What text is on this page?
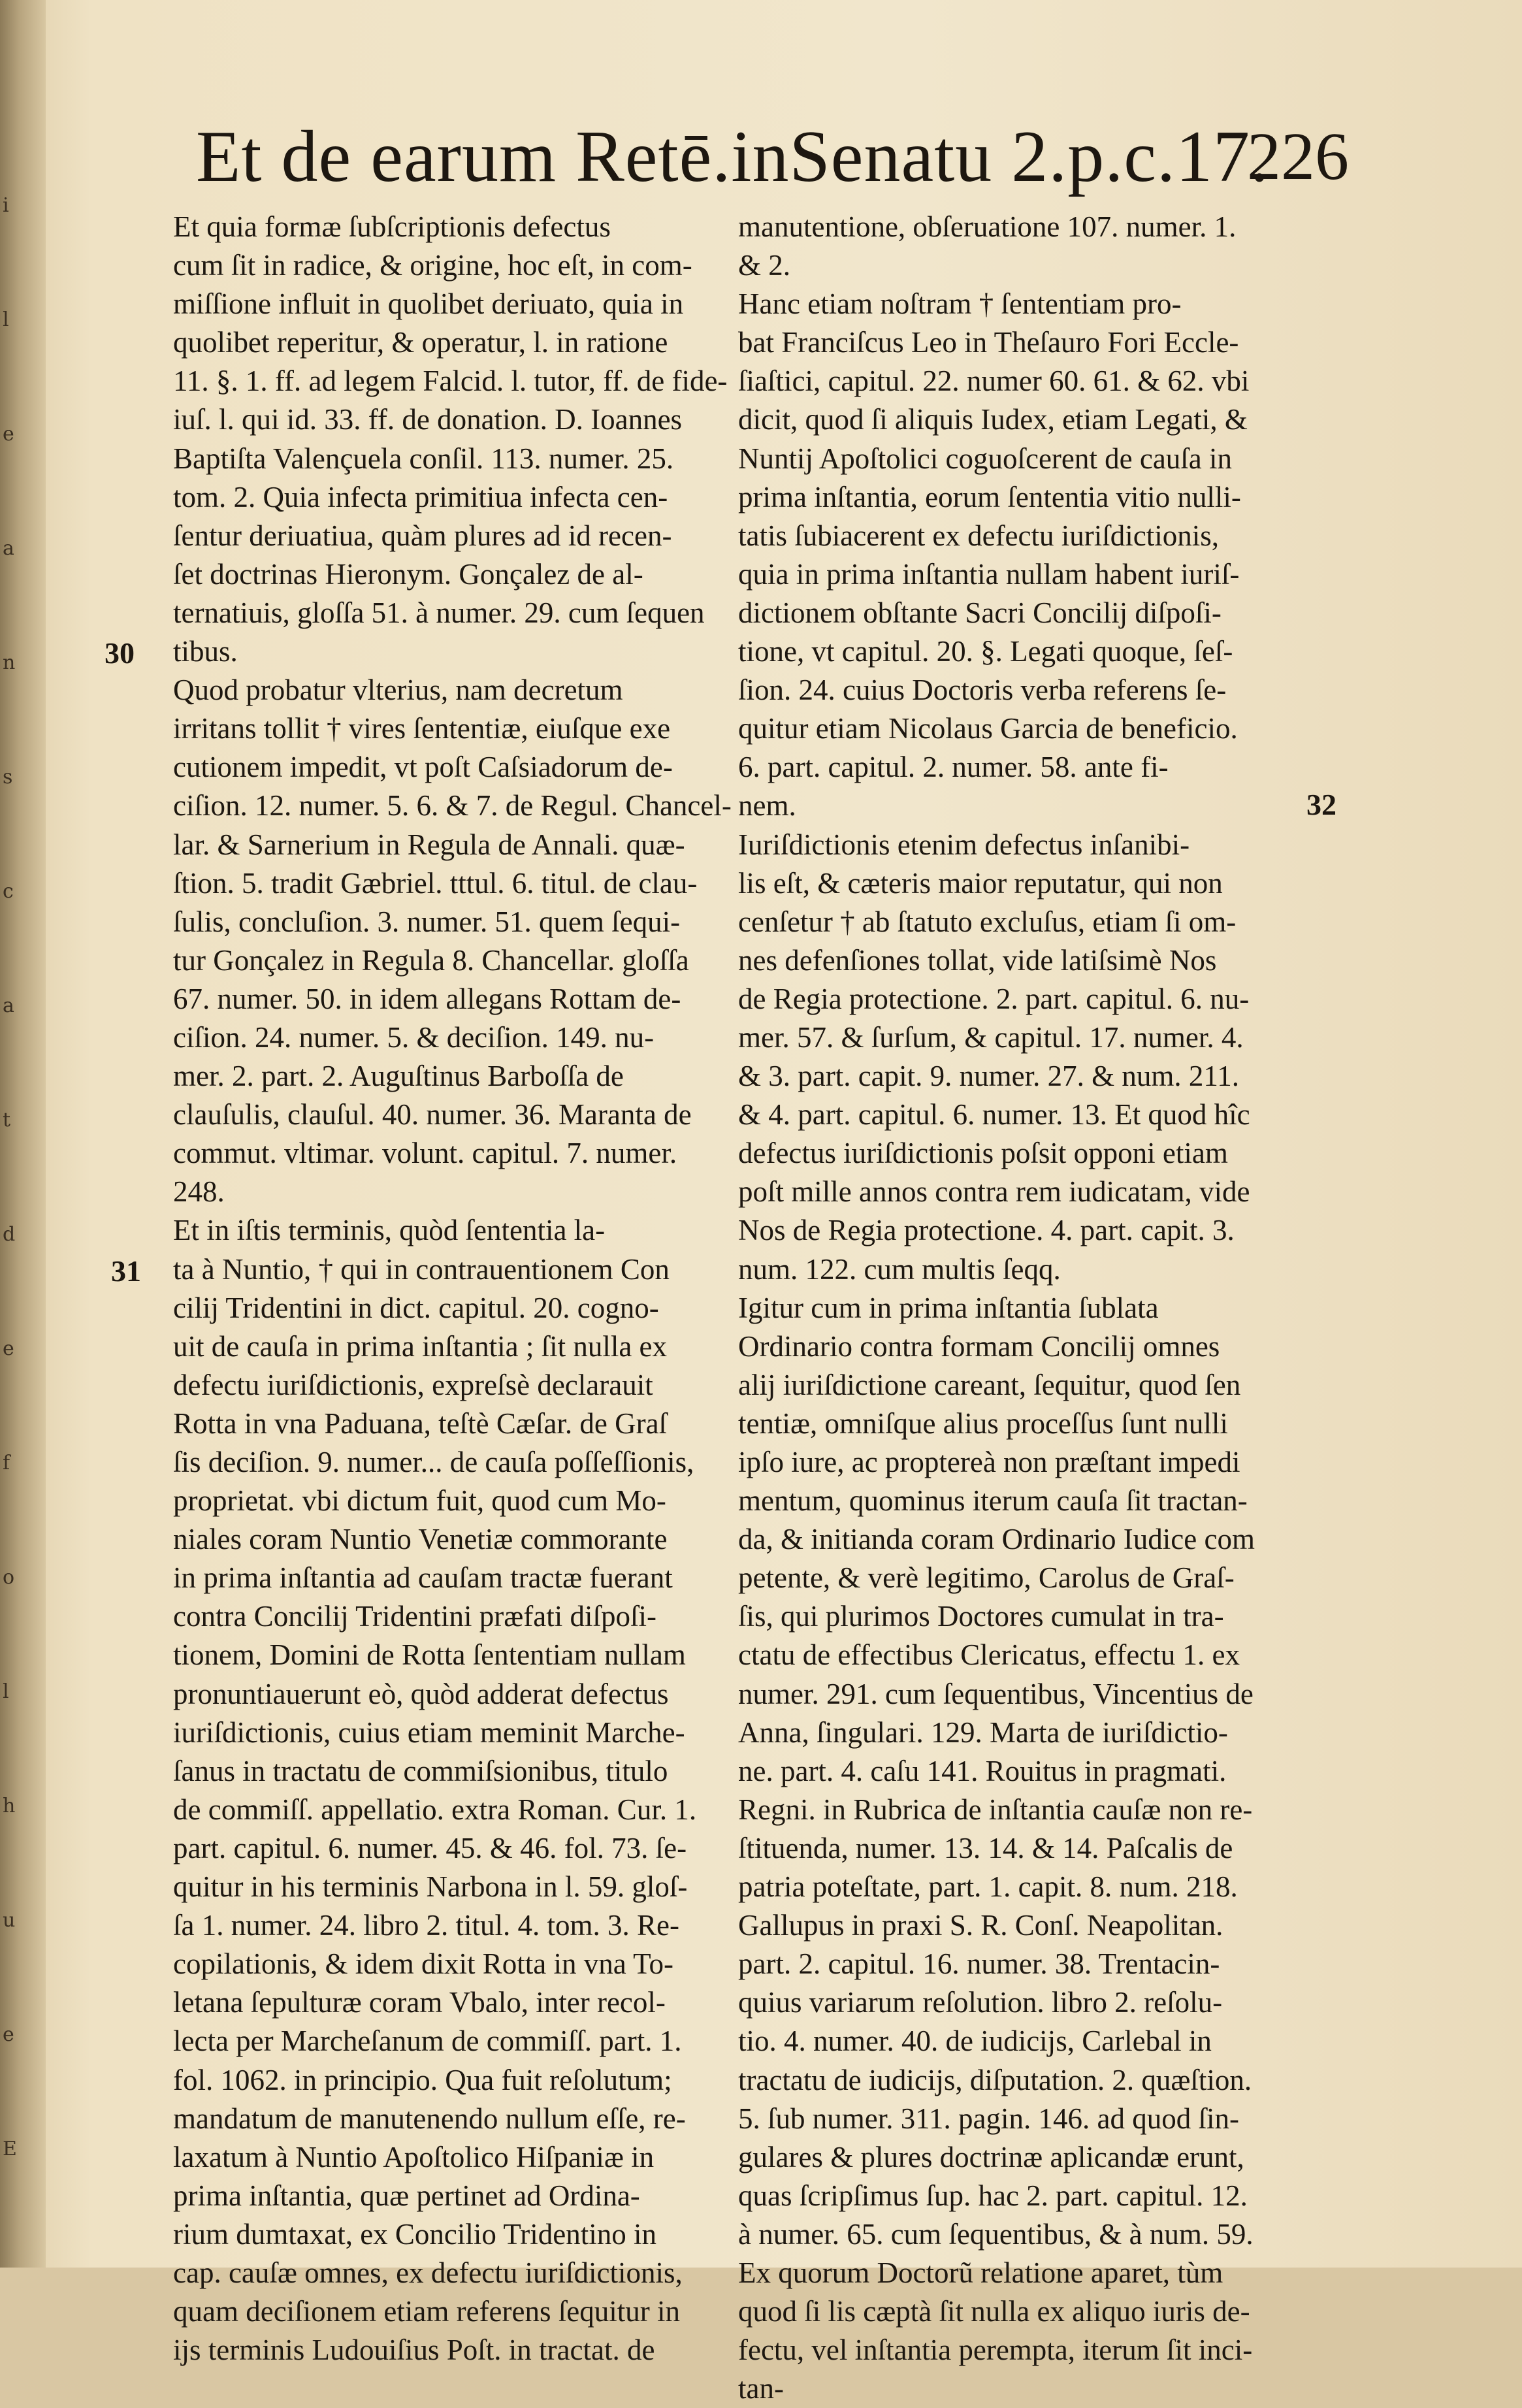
i
l
e
a
n
s
c
a
t
d
e
f
o
l
h
u
e
E
Et de earum Retē.inSenatu 2.p.c.17.
226
30
31
32
Et quia formæ ſubſcriptionis defectus
cum ſit in radice, & origine, hoc eſt, in com-
miſſione influit in quolibet deriuato, quia in
quolibet reperitur, & operatur, l. in ratione
11. §. 1. ff. ad legem Falcid. l. tutor, ff. de fide-
iuſ. l. qui id. 33. ff. de donation. D. Ioannes
Baptiſta Valençuela conſil. 113. numer. 25.
tom. 2. Quia infecta primitiua infecta cen-
ſentur deriuatiua, quàm plures ad id recen-
ſet doctrinas Hieronym. Gonçalez de al-
ternatiuis, gloſſa 51. à numer. 29. cum ſequen
tibus.
Quod probatur vlterius, nam decretum
irritans tollit † vires ſententiæ, eiuſque exe
cutionem impedit, vt poſt Caſsiadorum de-
ciſion. 12. numer. 5. 6. & 7. de Regul. Chancel-
lar. & Sarnerium in Regula de Annali. quæ-
ſtion. 5. tradit Gæbriel. tttul. 6. titul. de clau-
ſulis, concluſion. 3. numer. 51. quem ſequi-
tur Gonçalez in Regula 8. Chancellar. gloſſa
67. numer. 50. in idem allegans Rottam de-
ciſion. 24. numer. 5. & deciſion. 149. nu-
mer. 2. part. 2. Auguſtinus Barboſſa de
clauſulis, clauſul. 40. numer. 36. Maranta de
commut. vltimar. volunt. capitul. 7. numer.
248.
Et in iſtis terminis, quòd ſententia la-
ta à Nuntio, † qui in contrauentionem Con
cilij Tridentini in dict. capitul. 20. cogno-
uit de cauſa in prima inſtantia ; ſit nulla ex
defectu iuriſdictionis, expreſsè declarauit
Rotta in vna Paduana, teſtè Cæſar. de Graſ
ſis deciſion. 9. numer... de cauſa poſſeſſionis,
proprietat. vbi dictum fuit, quod cum Mo-
niales coram Nuntio Venetiæ commorante
in prima inſtantia ad cauſam tractæ fuerant
contra Concilij Tridentini præfati diſpoſi-
tionem, Domini de Rotta ſententiam nullam
pronuntiauerunt eò, quòd adderat defectus
iuriſdictionis, cuius etiam meminit Marche-
ſanus in tractatu de commiſsionibus, titulo
de commiſſ. appellatio. extra Roman. Cur. 1.
part. capitul. 6. numer. 45. & 46. fol. 73. ſe-
quitur in his terminis Narbona in l. 59. gloſ-
ſa 1. numer. 24. libro 2. titul. 4. tom. 3. Re-
copilationis, & idem dixit Rotta in vna To-
letana ſepulturæ coram Vbalo, inter recol-
lecta per Marcheſanum de commiſſ. part. 1.
fol. 1062. in principio. Qua fuit reſolutum;
mandatum de manutenendo nullum eſſe, re-
laxatum à Nuntio Apoſtolico Hiſpaniæ in
prima inſtantia, quæ pertinet ad Ordina-
rium dumtaxat, ex Concilio Tridentino in
cap. cauſæ omnes, ex defectu iuriſdictionis,
quam deciſionem etiam referens ſequitur in
ijs terminis Ludouiſius Poſt. in tractat. de
manutentione, obſeruatione 107. numer. 1.
& 2.
Hanc etiam noſtram † ſententiam pro-
bat Franciſcus Leo in Theſauro Fori Eccle-
ſiaſtici, capitul. 22. numer 60. 61. & 62. vbi
dicit, quod ſi aliquis Iudex, etiam Legati, &
Nuntij Apoſtolici coguoſcerent de cauſa in
prima inſtantia, eorum ſententia vitio nulli-
tatis ſubiacerent ex defectu iuriſdictionis,
quia in prima inſtantia nullam habent iuriſ-
dictionem obſtante Sacri Concilij diſpoſi-
tione, vt capitul. 20. §. Legati quoque, ſeſ-
ſion. 24. cuius Doctoris verba referens ſe-
quitur etiam Nicolaus Garcia de beneficio.
6. part. capitul. 2. numer. 58. ante fi-
nem.
Iuriſdictionis etenim defectus inſanibi-
lis eſt, & cæteris maior reputatur, qui non
cenſetur † ab ſtatuto excluſus, etiam ſi om-
nes defenſiones tollat, vide latiſsimè Nos
de Regia protectione. 2. part. capitul. 6. nu-
mer. 57. & ſurſum, & capitul. 17. numer. 4.
& 3. part. capit. 9. numer. 27. & num. 211.
& 4. part. capitul. 6. numer. 13. Et quod hîc
defectus iuriſdictionis poſsit opponi etiam
poſt mille annos contra rem iudicatam, vide
Nos de Regia protectione. 4. part. capit. 3.
num. 122. cum multis ſeqq.
Igitur cum in prima inſtantia ſublata
Ordinario contra formam Concilij omnes
alij iuriſdictione careant, ſequitur, quod ſen
tentiæ, omniſque alius proceſſus ſunt nulli
ipſo iure, ac proptereà non præſtant impedi
mentum, quominus iterum cauſa ſit tractan-
da, & initianda coram Ordinario Iudice com
petente, & verè legitimo, Carolus de Graſ-
ſis, qui plurimos Doctores cumulat in tra-
ctatu de effectibus Clericatus, effectu 1. ex
numer. 291. cum ſequentibus, Vincentius de
Anna, ſingulari. 129. Marta de iuriſdictio-
ne. part. 4. caſu 141. Rouitus in pragmati.
Regni. in Rubrica de inſtantia cauſæ non re-
ſtituenda, numer. 13. 14. & 14. Paſcalis de
patria poteſtate, part. 1. capit. 8. num. 218.
Gallupus in praxi S. R. Conſ. Neapolitan.
part. 2. capitul. 16. numer. 38. Trentacin-
quius variarum reſolution. libro 2. reſolu-
tio. 4. numer. 40. de iudicijs, Carlebal in
tractatu de iudicijs, diſputation. 2. quæſtion.
5. ſub numer. 311. pagin. 146. ad quod ſin-
gulares & plures doctrinæ aplicandæ erunt,
quas ſcripſimus ſup. hac 2. part. capitul. 12.
à numer. 65. cum ſequentibus, & à num. 59.
Ex quorum Doctorũ relatione aparet, tùm
quod ſi lis cæptà ſit nulla ex aliquo iuris de-
fectu, vel inſtantia perempta, iterum ſit inci-
tan-
